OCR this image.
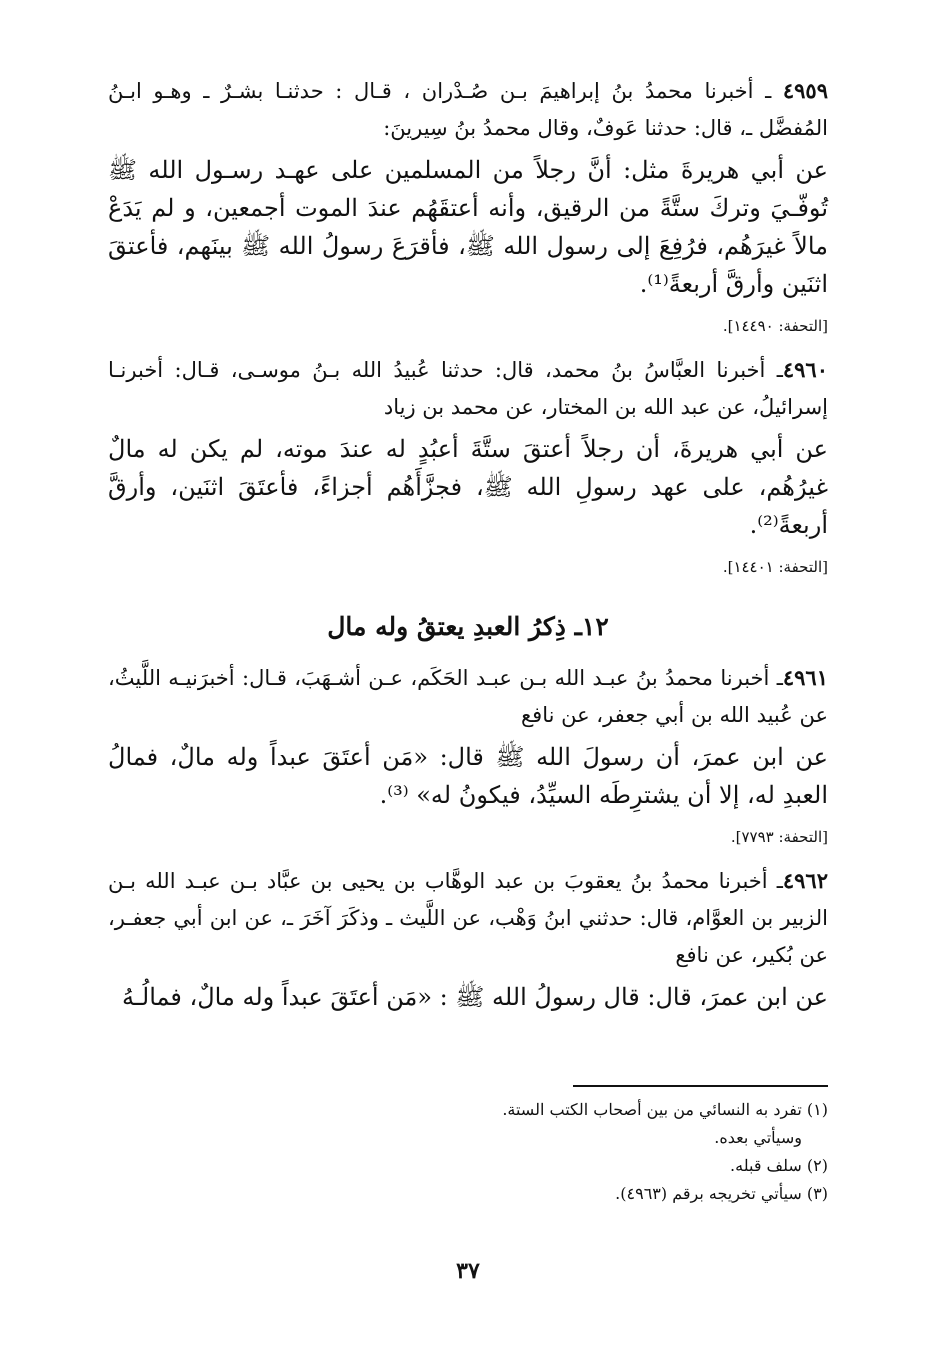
٤٩٥٩ ـ أخبرنا محمدُ بنُ إبراهيمَ بـن صُـدْران ، قـال : حدثنـا بشـرٌ ـ وهـو ابـنُ المُفضَّل ـ، قال: حدثنا عَوفٌ، وقال محمدُ بنُ سِيرينَ:

عن أبي هريرةَ مثل: أنَّ رجلاً من المسلمين على عهـد رسـول الله ﷺ تُوفّـيَ وتركَ ستَّةً من الرقيق، وأنه أعتقَهُم عندَ الموت أجمعين، و لم يَدَعْ مالاً غيرَهُم، فرُفِعَ إلى رسول الله ﷺ، فأقرَعَ رسولُ الله ﷺ بينَهم، فأعتقَ اثنَين وأرقَّ أربعةً⁽¹⁾.

[التحفة: ١٤٤٩٠].

٤٩٦٠ـ أخبرنا العبَّاسُ بنُ محمد، قال: حدثنا عُبيدُ الله بـنُ موسـى، قـال: أخبرنـا إسرائيلُ، عن عبد الله بن المختار، عن محمد بن زياد

عن أبي هريرةَ، أن رجلاً أعتقَ ستَّةَ أعبُدٍ له عندَ موته، لم يكن له مالٌ غيرُهُم، على عهد رسولِ الله ﷺ، فجزَّأَهُم أجزاءً، فأعتَقَ اثنَين، وأرقَّ أربعةً⁽²⁾.

[التحفة: ١٤٤٠١].

١٢ـ ذِكرُ العبدِ يعتقُ وله مال

٤٩٦١ـ أخبرنا محمدُ بنُ عبـد الله بـن عبـد الحَكَم، عـن أشـهَبَ، قـال: أخبرَنيـه اللَّيثُ، عن عُبيد الله بن أبي جعفر، عن نافع

عن ابن عمرَ، أن رسولَ الله ﷺ قال: «مَن أعتَقَ عبداً وله مالٌ، فمالُ العبدِ له، إلا أن يشترِطَه السيِّدُ، فيكونُ له» ⁽³⁾.

[التحفة: ٧٧٩٣].

٤٩٦٢ـ أخبرنا محمدُ بنُ يعقوبَ بن عبد الوهَّاب بن يحيى بن عبَّاد بـن عبـد الله بـن الزبير بن العوَّام، قال: حدثني ابنُ وَهْب، عن اللَّيث ـ وذكَرَ آخَرَ ـ، عن ابن أبي جعفـر، عن بُكير، عن نافع

عن ابن عمرَ، قال: قال رسولُ الله ﷺ : «مَن أعتَقَ عبداً وله مالٌ، فمالُـهُ

(١) تفرد به النسائي من بين أصحاب الكتب الستة.

وسيأتي بعده.

(٢) سلف قبله.

(٣) سيأتي تخريجه برقم (٤٩٦٣).

٣٧
